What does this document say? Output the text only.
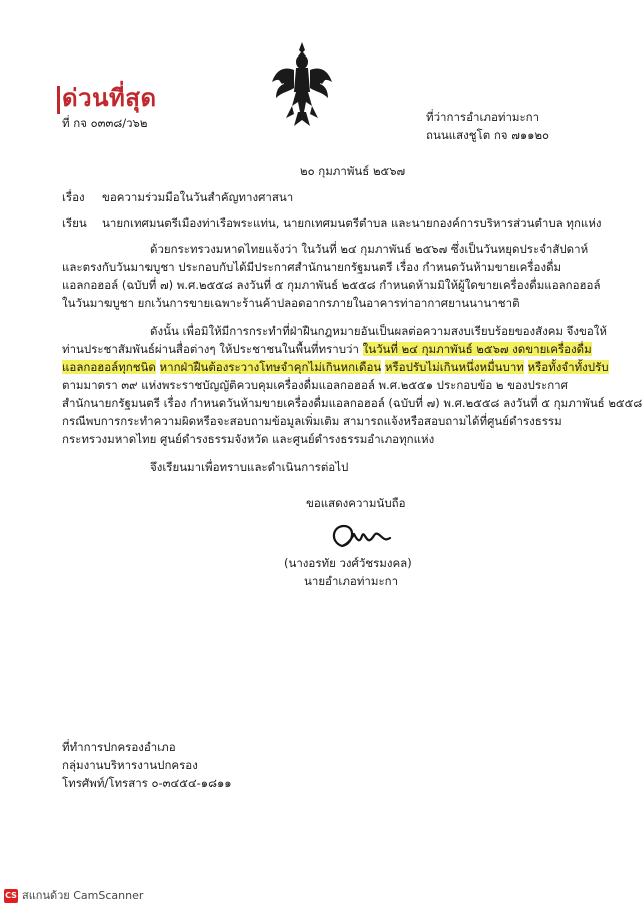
ด่วนที่สุด
ที่ กจ ๐๓๓๘/ว๖๒	ที่ว่าการอำเภอท่ามะกา
ถนนแสงชูโต กจ ๗๑๑๒๐
๒๐ กุมภาพันธ์ ๒๕๖๗
เรื่อง ขอความร่วมมือในวันสำคัญทางศาสนา
เรียน นายกเทศมนตรีเมืองท่าเรือพระแท่น, นายกเทศมนตรีตำบล และนายกองค์การบริหารส่วนตำบล ทุกแห่ง
ด้วยกระทรวงมหาดไทยแจ้งว่า ในวันที่ ๒๔ กุมภาพันธ์ ๒๕๖๗ ซึ่งเป็นวันหยุดประจำสัปดาห์
และตรงกับวันมาฆบูชา ประกอบกับได้มีประกาศสำนักนายกรัฐมนตรี เรื่อง กำหนดวันห้ามขายเครื่องดื่ม
แอลกอฮอล์ (ฉบับที่ ๗) พ.ศ.๒๕๕๘ ลงวันที่ ๕ กุมภาพันธ์ ๒๕๕๘ กำหนดห้ามมิให้ผู้ใดขายเครื่องดื่มแอลกอฮอล์
ในวันมาฆบูชา ยกเว้นการขายเฉพาะร้านค้าปลอดอากรภายในอาคารท่าอากาศยานนานาชาติ
ดังนั้น เพื่อมิให้มีการกระทำที่ฝ่าฝืนกฎหมายอันเป็นผลต่อความสงบเรียบร้อยของสังคม จึงขอให้
ท่านประชาสัมพันธ์ผ่านสื่อต่างๆ ให้ประชาชนในพื้นที่ทราบว่า ในวันที่ ๒๔ กุมภาพันธ์ ๒๕๖๗ งดขายเครื่องดื่ม
แอลกอฮอล์ทุกชนิด หากฝ่าฝืนต้องระวางโทษจำคุกไม่เกินหกเดือน หรือปรับไม่เกินหนึ่งหมื่นบาท หรือทั้งจำทั้งปรับ
ตามมาตรา ๓๙ แห่งพระราชบัญญัติควบคุมเครื่องดื่มแอลกอฮอล์ พ.ศ.๒๕๕๑ ประกอบข้อ ๒ ของประกาศ
สำนักนายกรัฐมนตรี เรื่อง กำหนดวันห้ามขายเครื่องดื่มแอลกอฮอล์ (ฉบับที่ ๗) พ.ศ.๒๕๕๘ ลงวันที่ ๕ กุมภาพันธ์ ๒๕๕๘
กรณีพบการกระทำความผิดหรือจะสอบถามข้อมูลเพิ่มเติม สามารถแจ้งหรือสอบถามได้ที่ศูนย์ดำรงธรรม
กระทรวงมหาดไทย ศูนย์ดำรงธรรมจังหวัด และศูนย์ดำรงธรรมอำเภอทุกแห่ง
จึงเรียนมาเพื่อทราบและดำเนินการต่อไป
ขอแสดงความนับถือ
(นางอรทัย วงศ์วัชรมงคล)
นายอำเภอท่ามะกา
ที่ทำการปกครองอำเภอ
กลุ่มงานบริหารงานปกครอง
โทรศัพท์/โทรสาร ๐-๓๔๕๔-๑๘๑๑
CS สแกนด้วย CamScanner
